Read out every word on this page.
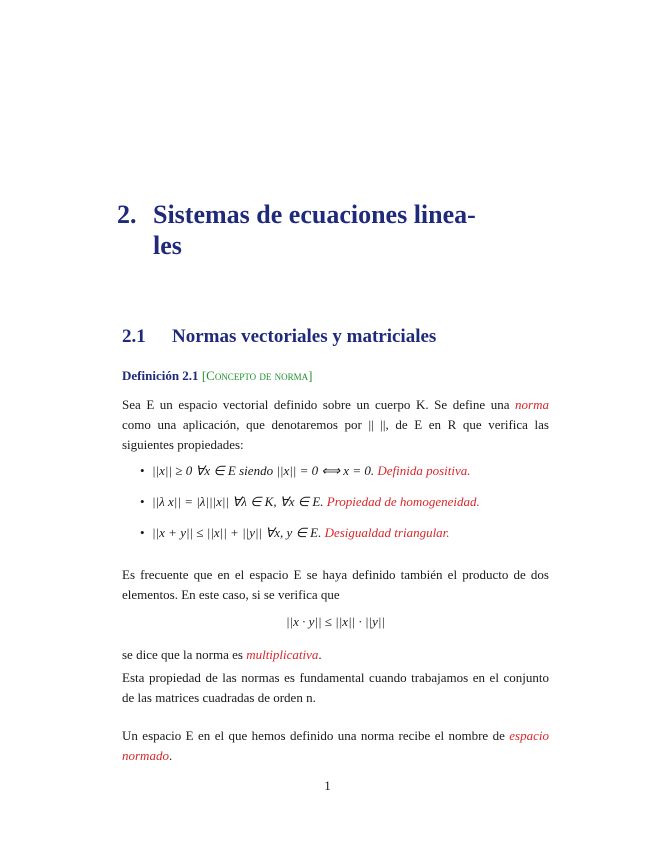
2. Sistemas de ecuaciones linea-
les
2.1 Normas vectoriales y matriciales
Definición 2.1 [Concepto de norma]
Sea E un espacio vectorial definido sobre un cuerpo K. Se define una norma como una aplicación, que denotaremos por || ||, de E en R que verifica las siguientes propiedades:
• ||x|| ≥ 0 ∀x ∈ E siendo ||x|| = 0 ⟺ x = 0. Definida positiva.
• ||λ x|| = |λ|||x|| ∀λ ∈ K, ∀x ∈ E. Propiedad de homogeneidad.
• ||x + y|| ≤ ||x|| + ||y|| ∀x, y ∈ E. Desigualdad triangular.
Es frecuente que en el espacio E se haya definido también el producto de dos elementos. En este caso, si se verifica que
||x · y|| ≤ ||x|| · ||y||
se dice que la norma es multiplicativa.
Esta propiedad de las normas es fundamental cuando trabajamos en el conjunto de las matrices cuadradas de orden n.
Un espacio E en el que hemos definido una norma recibe el nombre de espacio normado.
1
